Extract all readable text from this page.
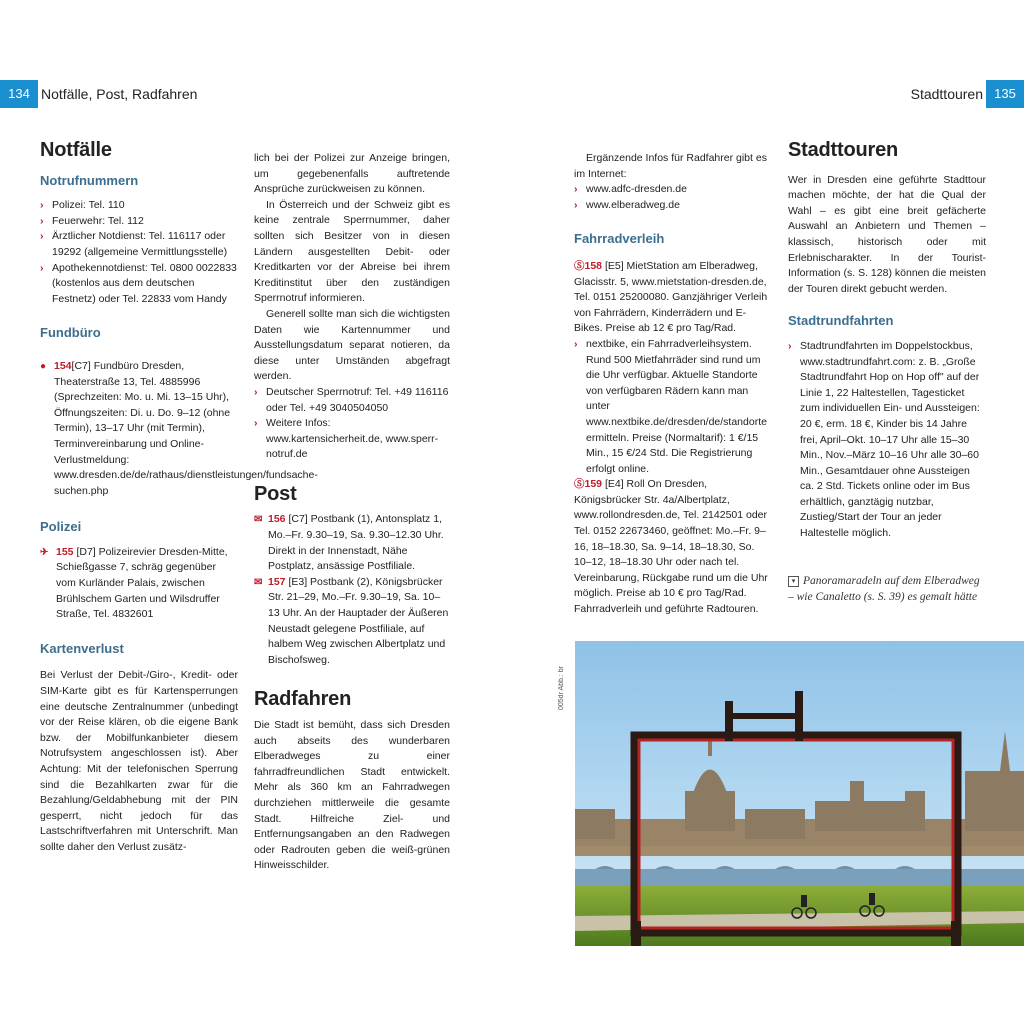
134 Notfälle, Post, Radfahren	Stadttouren 135
Notfälle
Notrufnummern
› Polizei: Tel. 110
› Feuerwehr: Tel. 112
› Ärztlicher Notdienst: Tel. 116117 oder 19292 (allgemeine Vermittlungsstelle)
› Apothekennotdienst: Tel. 0800 0022833 (kostenlos aus dem deutschen Festnetz) oder Tel. 22833 vom Handy
Fundbüro
● 154[C7] Fundbüro Dresden, Theaterstraße 13, Tel. 4885996 (Sprechzeiten: Mo. u. Mi. 13–15 Uhr), Öffnungszeiten: Di. u. Do. 9–12 (ohne Termin), 13–17 Uhr (mit Termin), Terminvereinbarung und Online-Verlustmeldung: www.dresden.de/de/rathaus/dienstleistungen/fundsache-suchen.php
Polizei
✈ 155 [D7] Polizeirevier Dresden-Mitte, Schießgasse 7, schräg gegenüber vom Kurländer Palais, zwischen Brühlschem Garten und Wilsdruffer Straße, Tel. 4832601
Kartenverlust

Bei Verlust der Debit-/Giro-, Kredit- oder SIM-Karte gibt es für Kartensperrungen eine deutsche Zentralnummer (unbedingt vor der Reise klären, ob die eigene Bank bzw. der Mobilfunkanbieter diesem Notrufsystem angeschlossen ist). Aber Achtung: Mit der telefonischen Sperrung sind die Bezahlkarten zwar für die Bezahlung/Geldabhebung mit der PIN gesperrt, nicht jedoch für das Lastschriftverfahren mit Unterschrift. Man sollte daher den Verlust zusätz-

lich bei der Polizei zur Anzeige bringen, um gegebenenfalls auftretende Ansprüche zurückweisen zu können.

In Österreich und der Schweiz gibt es keine zentrale Sperrnummer, daher sollten sich Besitzer von in diesen Ländern ausgestellten Debit- oder Kreditkarten vor der Abreise bei ihrem Kreditinstitut über den zuständigen Sperrnotruf informieren.

Generell sollte man sich die wichtigsten Daten wie Kartennummer und Ausstellungsdatum separat notieren, da diese unter Umständen abgefragt werden.

› Deutscher Sperrnotruf: Tel. +49 116116 oder Tel. +49 3040504050
› Weitere Infos: www.kartensicherheit.de, www.sperr-notruf.de
Post
✉ 156 [C7] Postbank (1), Antonsplatz 1, Mo.–Fr. 9.30–19, Sa. 9.30–12.30 Uhr. Direkt in der Innenstadt, Nähe Postplatz, ansässige Postfiliale.
✉ 157 [E3] Postbank (2), Königsbrücker Str. 21–29, Mo.–Fr. 9.30–19, Sa. 10–13 Uhr. An der Hauptader der Äußeren Neustadt gelegene Postfiliale, auf halbem Weg zwischen Albertplatz und Bischofsweg.
Radfahren

Die Stadt ist bemüht, dass sich Dresden auch abseits des wunderbaren Elberadweges zu einer fahrradfreundlichen Stadt entwickelt. Mehr als 360 km an Fahrradwegen durchziehen mittlerweile die gesamte Stadt. Hilfreiche Ziel- und Entfernungsangaben an den Radwegen oder Radrouten geben die weiß-grünen Hinweisschilder.

Ergänzende Infos für Radfahrer gibt es im Internet:

› www.adfc-dresden.de
› www.elberadweg.de
Fahrradverleih
Ⓢ158 [E5] MietStation am Elberadweg, Glacisstr. 5, www.mietstation-dresden.de, Tel. 0151 25200080. Ganzjähriger Verleih von Fahrrädern, Kinderrädern und E-Bikes. Preise ab 12 € pro Tag/Rad.
› nextbike, ein Fahrradverleihsystem. Rund 500 Mietfahrräder sind rund um die Uhr verfügbar. Aktuelle Standorte von verfügbaren Rädern kann man unter www.nextbike.de/dresden/de/standorte ermitteln. Preise (Normaltarif): 1 €/15 Min., 15 €/24 Std. Die Registrierung erfolgt online.
Ⓢ159 [E4] Roll On Dresden, Königsbrücker Str. 4a/Albertplatz, www.rollondresden.de, Tel. 2142501 oder Tel. 0152 22673460, geöffnet: Mo.–Fr. 9–16, 18–18.30, Sa. 9–14, 18–18.30, So. 10–12, 18–18.30 Uhr oder nach tel. Vereinbarung, Rückgabe rund um die Uhr möglich. Preise ab 10 € pro Tag/Rad. Fahrradverleih und geführte Radtouren.
Stadttouren

Wer in Dresden eine geführte Stadttour machen möchte, der hat die Qual der Wahl – es gibt eine breit gefächerte Auswahl an Anbietern und Themen – klassisch, historisch oder mit Erlebnischarakter. In der Tourist-Information (s. S. 128) können die meisten der Touren direkt gebucht werden.

Stadtrundfahrten
› Stadtrundfahrten im Doppelstockbus, www.stadtrundfahrt.com: z. B. „Große Stadtrundfahrt Hop on Hop off" auf der Linie 1, 22 Haltestellen, Tagesticket zum individuellen Ein- und Aussteigen: 20 €, erm. 18 €, Kinder bis 14 Jahre frei, April–Okt. 10–17 Uhr alle 15–30 Min., Nov.–März 10–16 Uhr alle 30–60 Min., Gesamtdauer ohne Aussteigen ca. 2 Std. Tickets online oder im Bus erhältlich, ganztägig nutzbar, Zustieg/Start der Tour an jeder Haltestelle möglich.
▾ Panoramaradeln auf dem Elberadweg – wie Canaletto (s. S. 39) es gemalt hätte
005dr Abb.: br
